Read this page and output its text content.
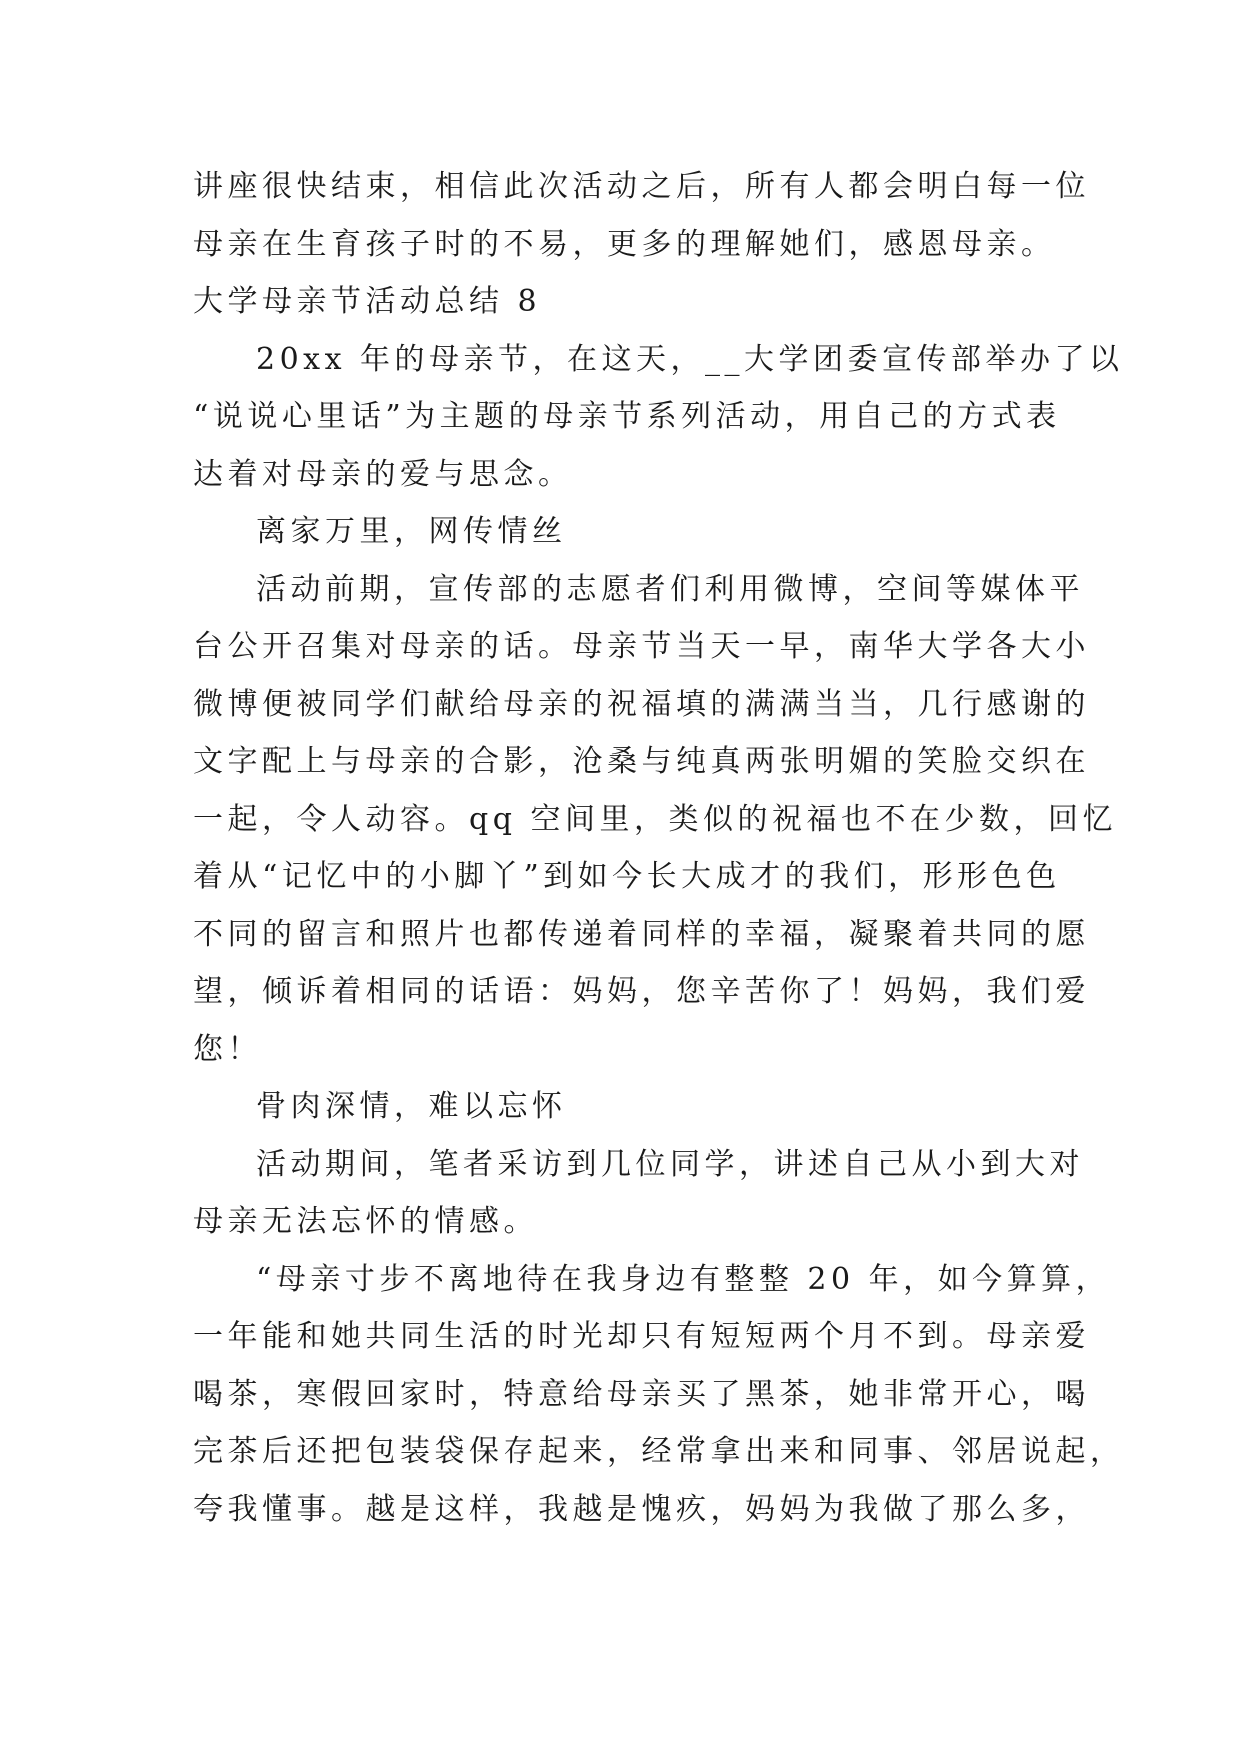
讲座很快结束，相信此次活动之后，所有人都会明白每一位
母亲在生育孩子时的不易，更多的理解她们，感恩母亲。
大学母亲节活动总结 8
20xx 年的母亲节，在这天，__大学团委宣传部举办了以
“说说心里话”为主题的母亲节系列活动，用自己的方式表
达着对母亲的爱与思念。
离家万里，网传情丝
活动前期，宣传部的志愿者们利用微博，空间等媒体平
台公开召集对母亲的话。母亲节当天一早，南华大学各大小
微博便被同学们献给母亲的祝福填的满满当当，几行感谢的
文字配上与母亲的合影，沧桑与纯真两张明媚的笑脸交织在
一起，令人动容。qq 空间里，类似的祝福也不在少数，回忆
着从“记忆中的小脚丫”到如今长大成才的我们，形形色色
不同的留言和照片也都传递着同样的幸福，凝聚着共同的愿
望，倾诉着相同的话语：妈妈，您辛苦你了！妈妈，我们爱
您！
骨肉深情，难以忘怀
活动期间，笔者采访到几位同学，讲述自己从小到大对
母亲无法忘怀的情感。
“母亲寸步不离地待在我身边有整整 20 年，如今算算，
一年能和她共同生活的时光却只有短短两个月不到。母亲爱
喝茶，寒假回家时，特意给母亲买了黑茶，她非常开心，喝
完茶后还把包装袋保存起来，经常拿出来和同事、邻居说起，
夸我懂事。越是这样，我越是愧疚，妈妈为我做了那么多，
